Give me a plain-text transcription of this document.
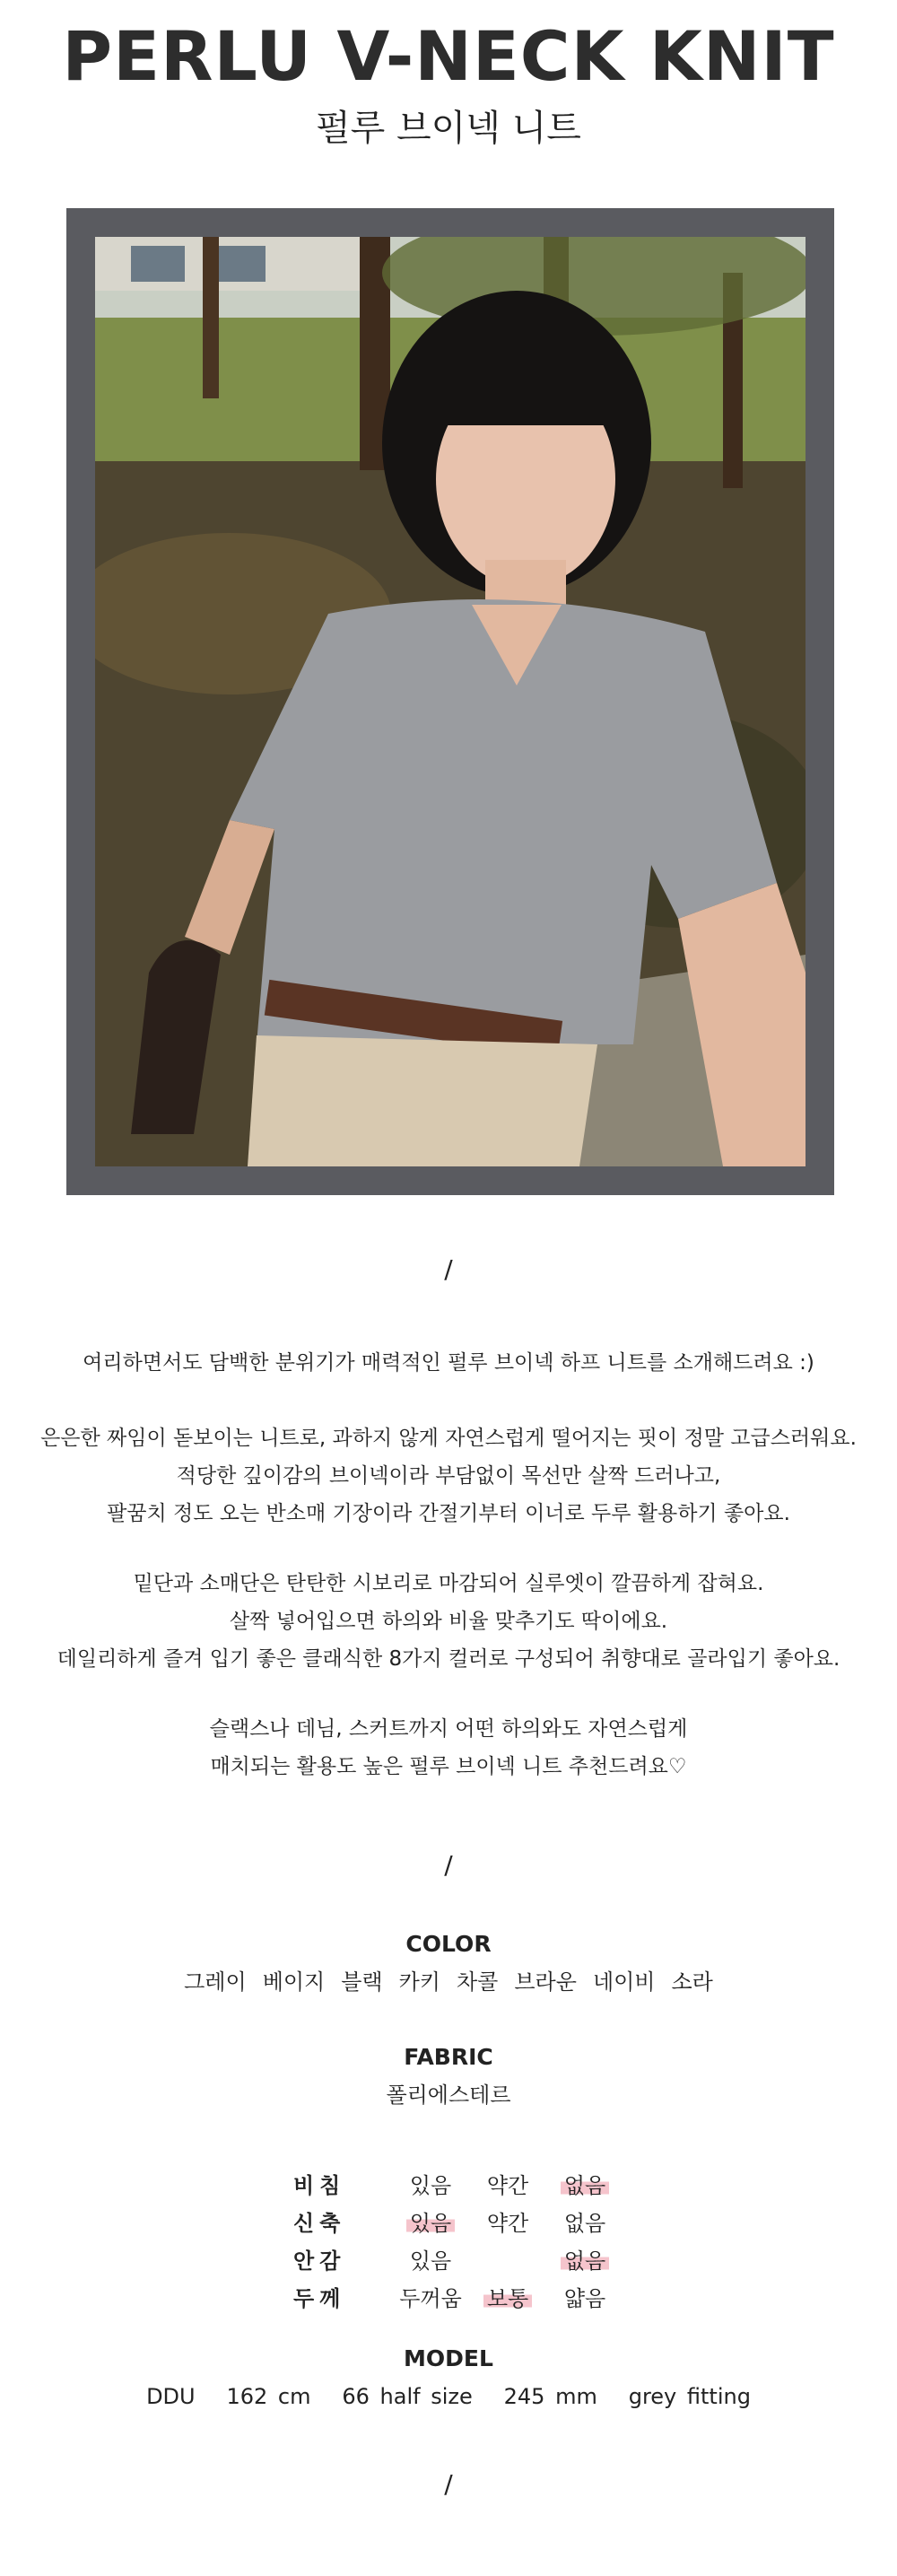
PERLU V-NECK KNIT
펄루 브이넥 니트
/
여리하면서도 담백한 분위기가 매력적인 펄루 브이넥 하프 니트를 소개해드려요 :)
은은한 짜임이 돋보이는 니트로, 과하지 않게 자연스럽게 떨어지는 핏이 정말 고급스러워요.
적당한 깊이감의 브이넥이라 부담없이 목선만 살짝 드러나고,
팔꿈치 정도 오는 반소매 기장이라 간절기부터 이너로 두루 활용하기 좋아요.
밑단과 소매단은 탄탄한 시보리로 마감되어 실루엣이 깔끔하게 잡혀요.
살짝 넣어입으면 하의와 비율 맞추기도 딱이에요.
데일리하게 즐겨 입기 좋은 클래식한 8가지 컬러로 구성되어 취향대로 골라입기 좋아요.
슬랙스나 데님, 스커트까지 어떤 하의와도 자연스럽게
매치되는 활용도 높은 펄루 브이넥 니트 추천드려요♡
/
COLOR
그레이 베이지 블랙 카키 차콜 브라운 네이비 소라
FABRIC
폴리에스테르
비침	있음	약간	없음
신축	있음	약간	없음
안감	있음		없음
두께	두꺼움	보통	얇음
MODEL
DDU   162 cm   66 half size   245 mm   grey fitting
/
